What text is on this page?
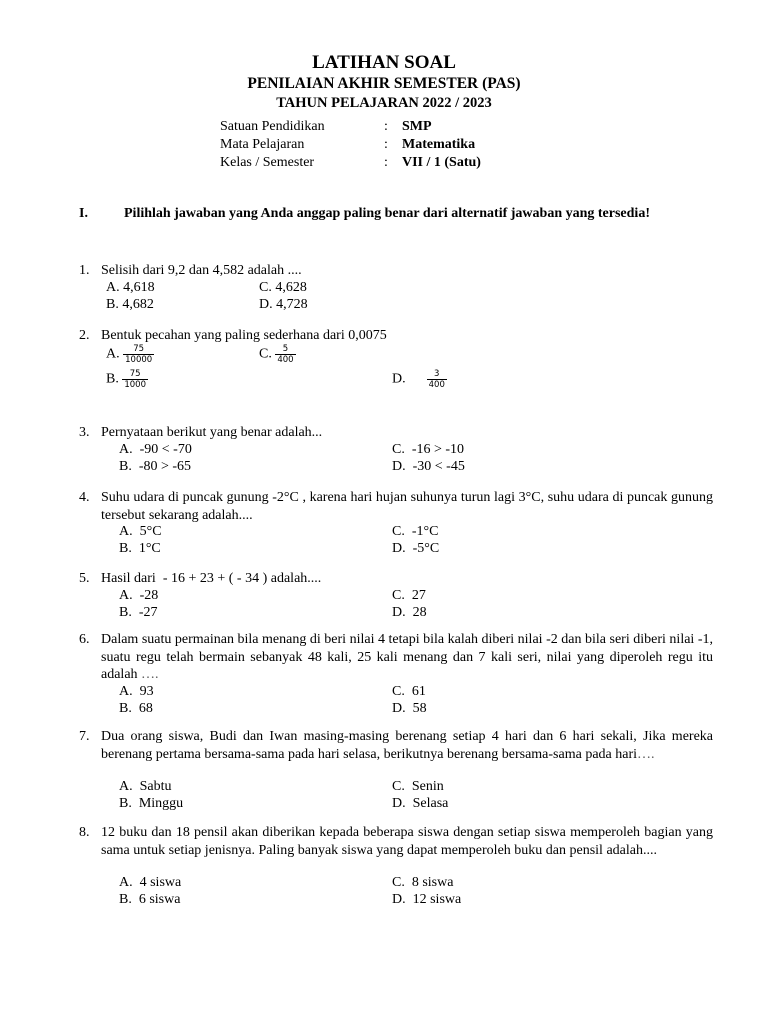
LATIHAN SOAL
PENILAIAN AKHIR SEMESTER (PAS)
TAHUN PELAJARAN 2022 / 2023
Satuan Pendidikan	: SMP
Mata Pelajaran	: Matematika
Kelas / Semester	: VII / 1 (Satu)
I.	Pilihlah jawaban yang Anda anggap paling benar dari alternatif jawaban yang tersedia!
1. Selisih dari 9,2 dan 4,582 adalah ....
A. 4,618	C. 4,628
B. 4,682	D. 4,728
2. Bentuk pecahan yang paling sederhana dari 0,0075
A. $\frac{75}{10000}$	C. $\frac{5}{400}$
B. $\frac{75}{1000}$	D. $\frac{3}{400}$
3. Pernyataan berikut yang benar adalah...
A.  -90 < -70	C.  -16 > -10
B.  -80 > -65	D.  -30 < -45
4. Suhu udara di puncak gunung -2°C , karena hari hujan suhunya turun lagi 3°C, suhu udara di puncak gunung tersebut sekarang adalah....
A.  5°C	C.  -1°C
B.  1°C	D.  -5°C
5. Hasil dari  - 16 + 23 + ( - 34 ) adalah....
A.  -28	C.  27
B.  -27	D.  28
6. Dalam suatu permainan bila menang di beri nilai 4 tetapi bila kalah diberi nilai -2 dan bila seri diberi nilai -1, suatu regu telah bermain sebanyak 48 kali, 25 kali menang dan 7 kali seri, nilai yang diperoleh regu itu adalah ….
A.  93	C.  61
B.  68	D.  58
7. Dua orang siswa, Budi dan Iwan masing-masing berenang setiap 4 hari dan 6 hari sekali, Jika mereka berenang pertama bersama-sama pada hari selasa, berikutnya berenang bersama-sama pada hari….
A.  Sabtu	C.  Senin
B.  Minggu	D.  Selasa
8. 12 buku dan 18 pensil akan diberikan kepada beberapa siswa dengan setiap siswa memperoleh bagian yang sama untuk setiap jenisnya. Paling banyak siswa yang dapat memperoleh buku dan pensil adalah....
A.  4 siswa	C.  8 siswa
B.  6 siswa	D.  12 siswa
